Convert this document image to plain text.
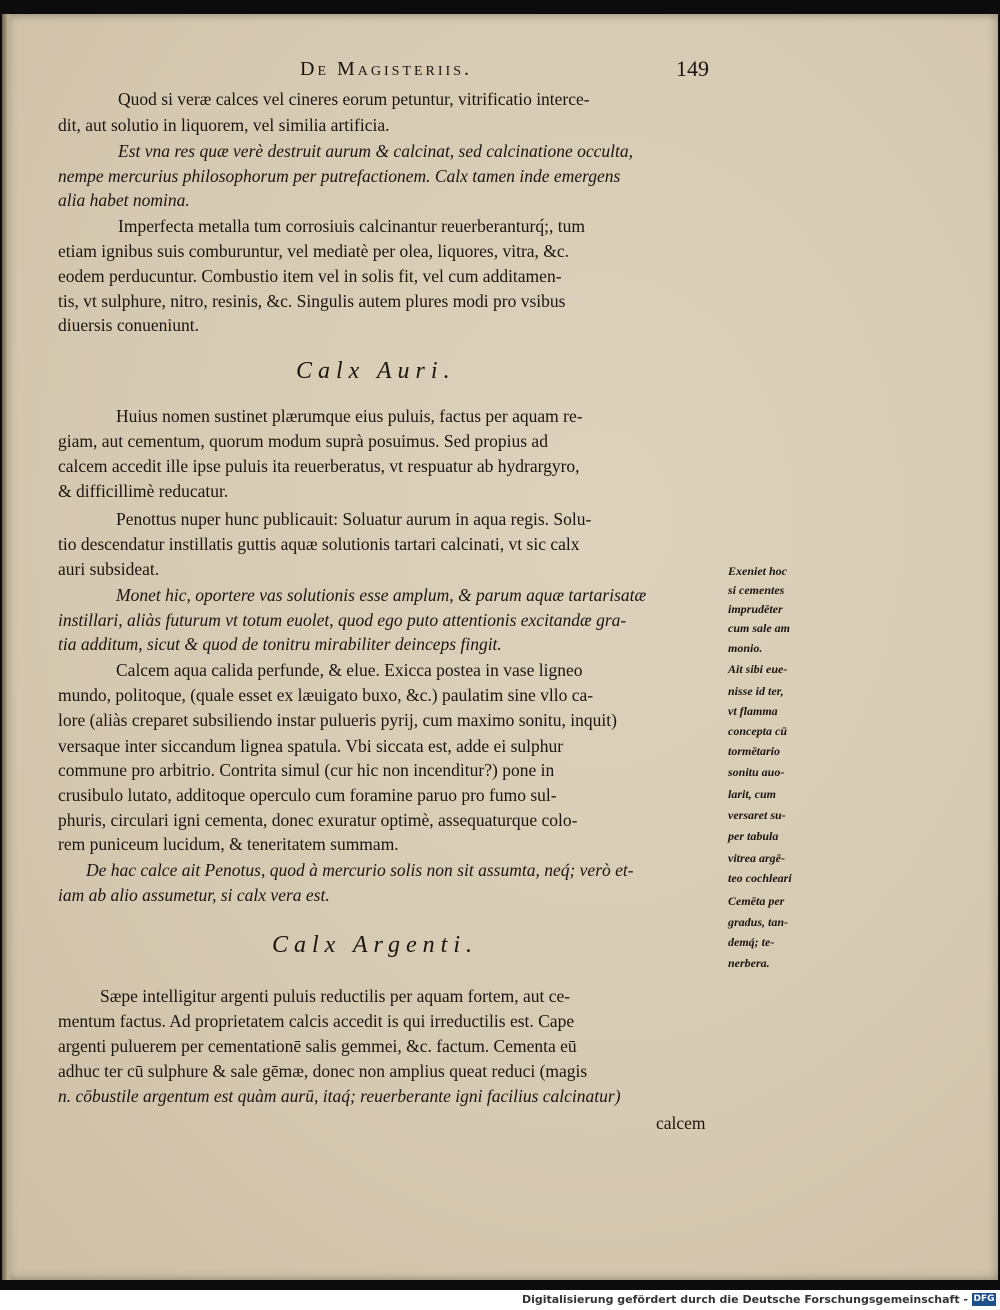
De Magisteriis.	149
Quod si veræ calces vel cineres eorum petuntur, vitrificatio interce-
dit, aut solutio in liquorem, vel similia artificia.
Est vna res quæ verè destruit aurum & calcinat, sed calcinatione occulta,
nempe mercurius philosophorum per putrefactionem. Calx tamen inde emergens
alia habet nomina.
Imperfecta metalla tum corrosiuis calcinantur reuerberanturq́;, tum
etiam ignibus suis comburuntur, vel mediatè per olea, liquores, vitra, &c.
eodem perducuntur. Combustio item vel in solis fit, vel cum additamen-
tis, vt sulphure, nitro, resinis, &c. Singulis autem plures modi pro vsibus
diuersis conueniunt.
Calx Auri.
Huius nomen sustinet plærumque eius puluis, factus per aquam re-
giam, aut cementum, quorum modum suprà posuimus. Sed propius ad
calcem accedit ille ipse puluis ita reuerberatus, vt respuatur ab hydrargyro,
& difficillimè reducatur.
Penottus nuper hunc publicauit: Soluatur aurum in aqua regis. Solu-
tio descendatur instillatis guttis aquæ solutionis tartari calcinati, vt sic calx
auri subsideat.
Monet hic, oportere vas solutionis esse amplum, & parum aquæ tartarisatæ
instillari, aliàs futurum vt totum euolet, quod ego puto attentionis excitandæ gra-
tia additum, sicut & quod de tonitru mirabiliter deinceps fingit.
Calcem aqua calida perfunde, & elue. Exicca postea in vase ligneo
mundo, politoque, (quale esset ex læuigato buxo, &c.) paulatim sine vllo ca-
lore (aliàs creparet subsiliendo instar pulueris pyrij, cum maximo sonitu, inquit)
versaque inter siccandum lignea spatula. Vbi siccata est, adde ei sulphur
commune pro arbitrio. Contrita simul (cur hic non incenditur?) pone in
crusibulo lutato, additoque operculo cum foramine paruo pro fumo sul-
phuris, circulari igni cementa, donec exuratur optimè, assequaturque colo-
rem puniceum lucidum, & teneritatem summam.
De hac calce ait Penotus, quod à mercurio solis non sit assumta, neq́; verò et-
iam ab alio assumetur, si calx vera est.
Exeniet hoc
si cementes
imprudēter
cum sale am
monio.
Ait sibi eue-
nisse id ter,
vt flamma
concepta cū
tormētario
sonitu auo-
larit, cum
versaret su-
per tabula
vitrea argē-
teo cochleari
Cemēta per
gradus, tan-
demq́; te-
nerbera.
Calx Argenti.
Sæpe intelligitur argenti puluis reductilis per aquam fortem, aut ce-
mentum factus. Ad proprietatem calcis accedit is qui irreductilis est. Cape
argenti puluerem per cementationē salis gemmei, &c. factum. Cementa eū
adhuc ter cū sulphure & sale gēmæ, donec non amplius queat reduci (magis
n. cōbustile argentum est quàm aurū, itaq́; reuerberante igni facilius calcinatur)
calcem
Digitalisierung gefördert durch die Deutsche Forschungsgemeinschaft - DFG
